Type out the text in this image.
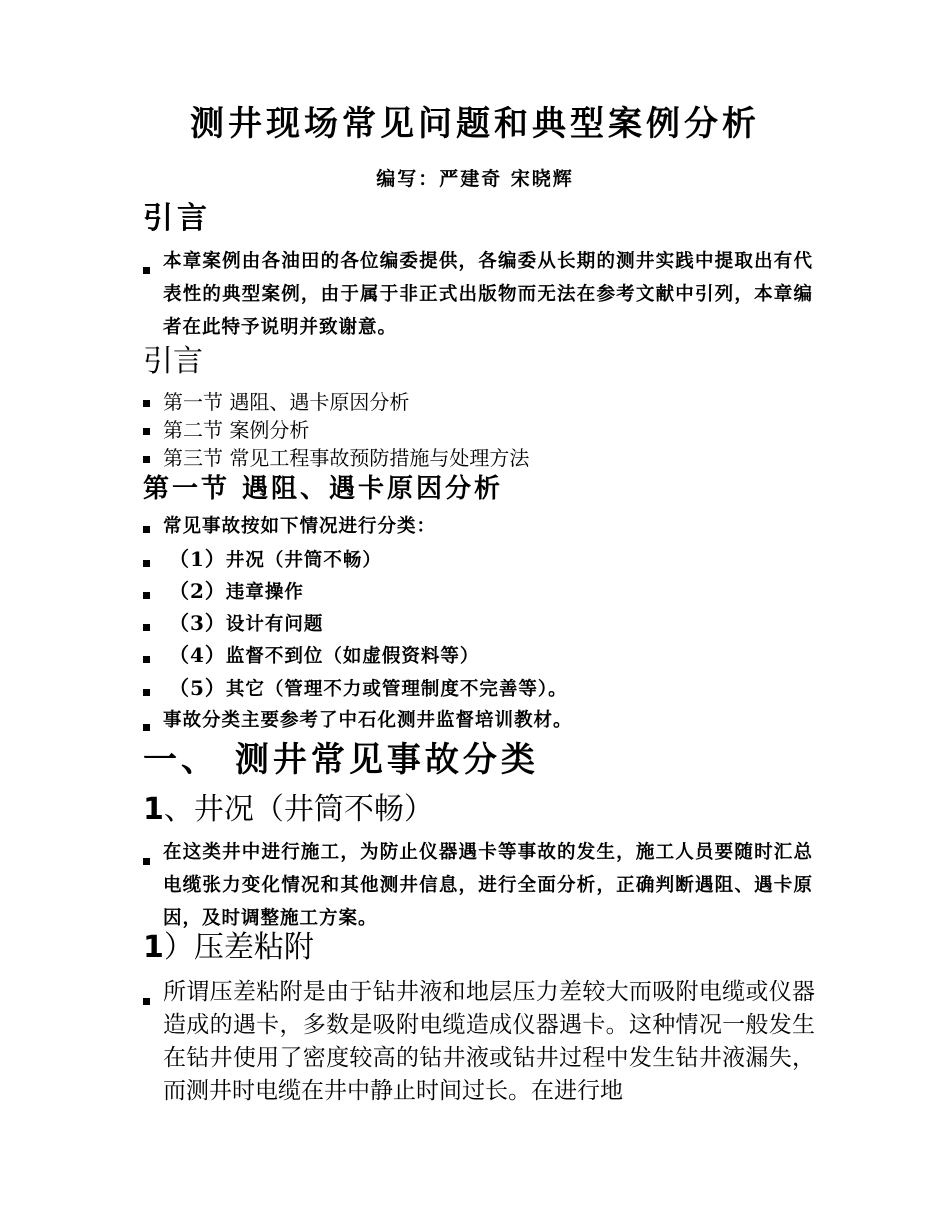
测井现场常见问题和典型案例分析
编写：严建奇 宋晓辉
引言
本章案例由各油田的各位编委提供，各编委从长期的测井实践中提取出有代表性的典型案例，由于属于非正式出版物而无法在参考文献中引列，本章编者在此特予说明并致谢意。
引言
第一节 遇阻、遇卡原因分析
第二节 案例分析
第三节 常见工程事故预防措施与处理方法
第一节 遇阻、遇卡原因分析
常见事故按如下情况进行分类：
（1）井况（井筒不畅）
（2）违章操作
（3）设计有问题
（4）监督不到位（如虚假资料等）
（5）其它（管理不力或管理制度不完善等）。
事故分类主要参考了中石化测井监督培训教材。
一、 测井常见事故分类
1、井况（井筒不畅）
在这类井中进行施工，为防止仪器遇卡等事故的发生，施工人员要随时汇总电缆张力变化情况和其他测井信息，进行全面分析，正确判断遇阻、遇卡原因，及时调整施工方案。
1）压差粘附
所谓压差粘附是由于钻井液和地层压力差较大而吸附电缆或仪器造成的遇卡，多数是吸附电缆造成仪器遇卡。这种情况一般发生在钻井使用了密度较高的钻井液或钻井过程中发生钻井液漏失，而测井时电缆在井中静止时间过长。在进行地
